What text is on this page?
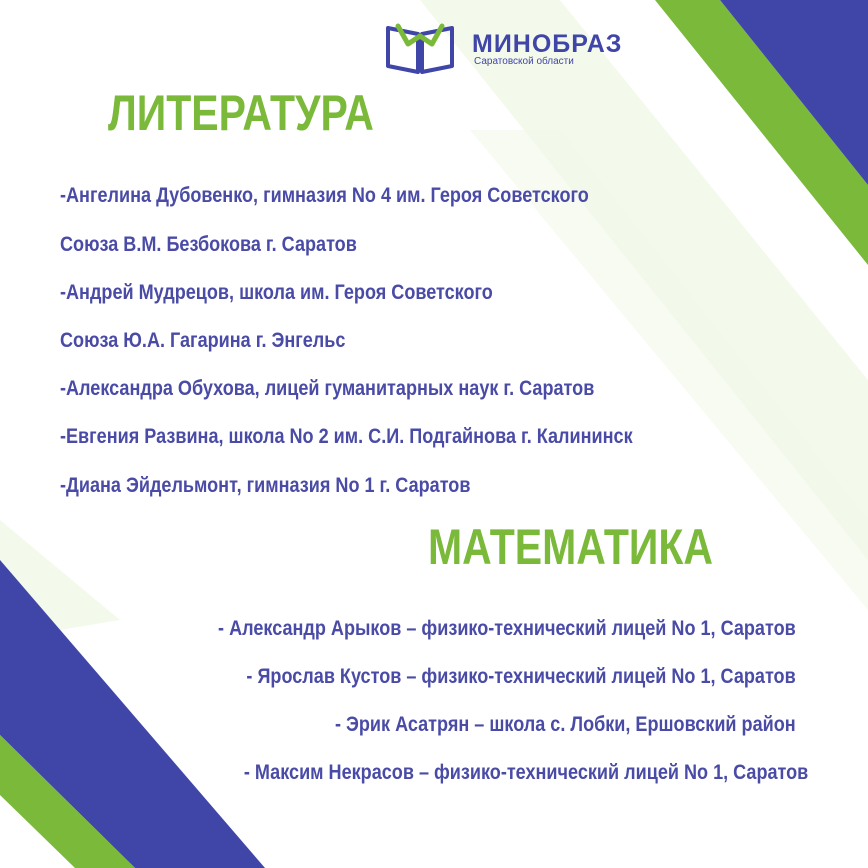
МИНОБРАЗ
Саратовской области
ЛИТЕРАТУРА
-Ангелина Дубовенко, гимназия No 4 им. Героя Советского
Союза В.М. Безбокова г. Саратов
-Андрей Мудрецов, школа им. Героя Советского
Союза Ю.А. Гагарина г. Энгельс
-Александра Обухова, лицей гуманитарных наук г. Саратов
-Евгения Развина, школа No 2 им. С.И. Подгайнова г. Калининск
-Диана Эйдельмонт, гимназия No 1 г. Саратов
МАТЕМАТИКА
- Александр Арыков – физико-технический лицей No 1, Саратов
- Ярослав Кустов – физико-технический лицей No 1, Саратов
- Эрик Асатрян – школа с. Лобки, Ершовский район
- Максим Некрасов – физико-технический лицей No 1, Саратов
